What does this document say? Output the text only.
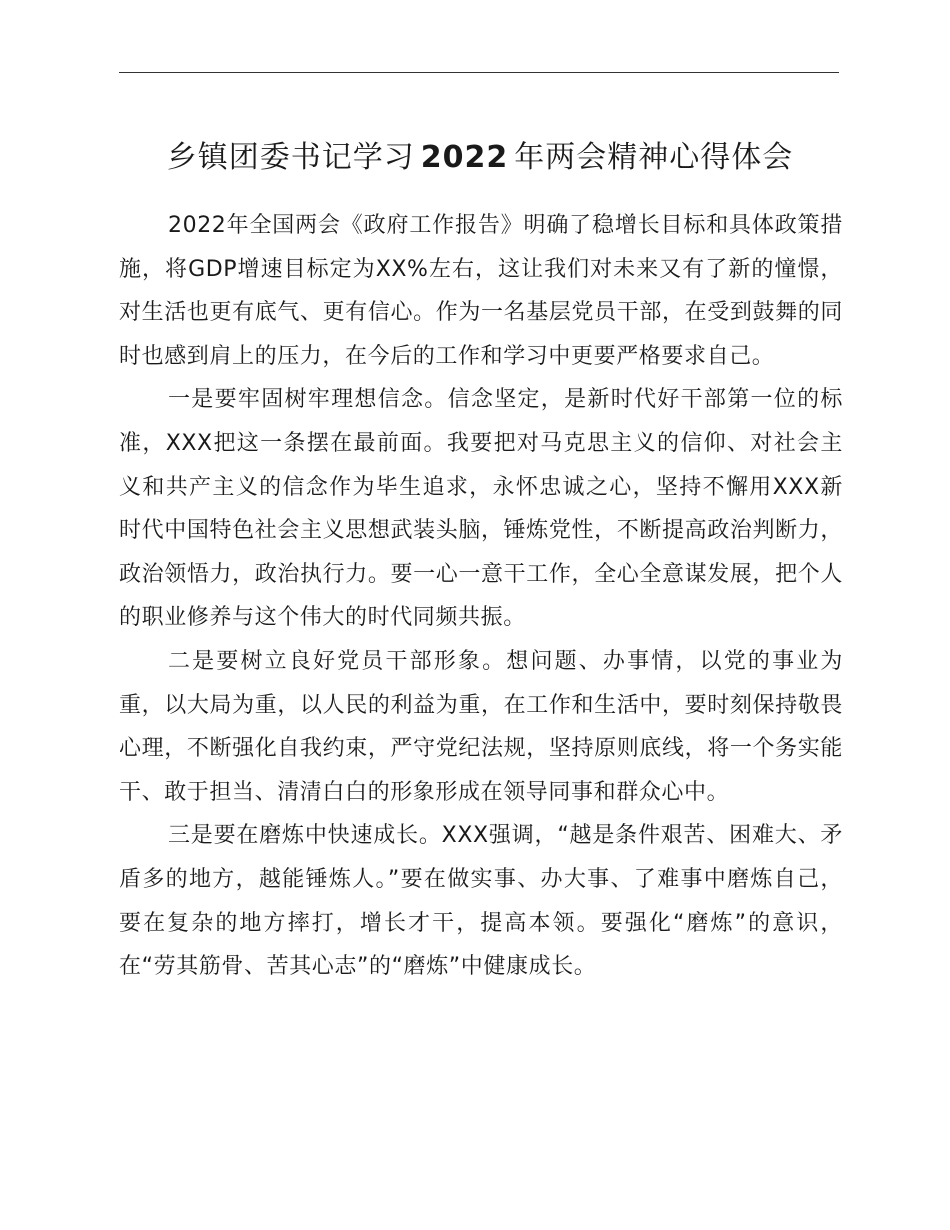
乡镇团委书记学习 2022 年两会精神心得体会

2022年全国两会《政府工作报告》明确了稳增长目标和具体政策措施，将GDP增速目标定为XX%左右，这让我们对未来又有了新的憧憬，对生活也更有底气、更有信心。作为一名基层党员干部，在受到鼓舞的同时也感到肩上的压力，在今后的工作和学习中更要严格要求自己。

一是要牢固树牢理想信念。信念坚定，是新时代好干部第一位的标准，XXX把这一条摆在最前面。我要把对马克思主义的信仰、对社会主义和共产主义的信念作为毕生追求，永怀忠诚之心，坚持不懈用XXX新时代中国特色社会主义思想武装头脑，锤炼党性，不断提高政治判断力，政治领悟力，政治执行力。要一心一意干工作，全心全意谋发展，把个人的职业修养与这个伟大的时代同频共振。

二是要树立良好党员干部形象。想问题、办事情，以党的事业为重，以大局为重，以人民的利益为重，在工作和生活中，要时刻保持敬畏心理，不断强化自我约束，严守党纪法规，坚持原则底线，将一个务实能干、敢于担当、清清白白的形象形成在领导同事和群众心中。

三是要在磨炼中快速成长。XXX强调，“越是条件艰苦、困难大、矛盾多的地方，越能锤炼人。”要在做实事、办大事、了难事中磨炼自己，要在复杂的地方摔打，增长才干，提高本领。要强化“磨炼”的意识，在“劳其筋骨、苦其心志”的“磨炼”中健康成长。
